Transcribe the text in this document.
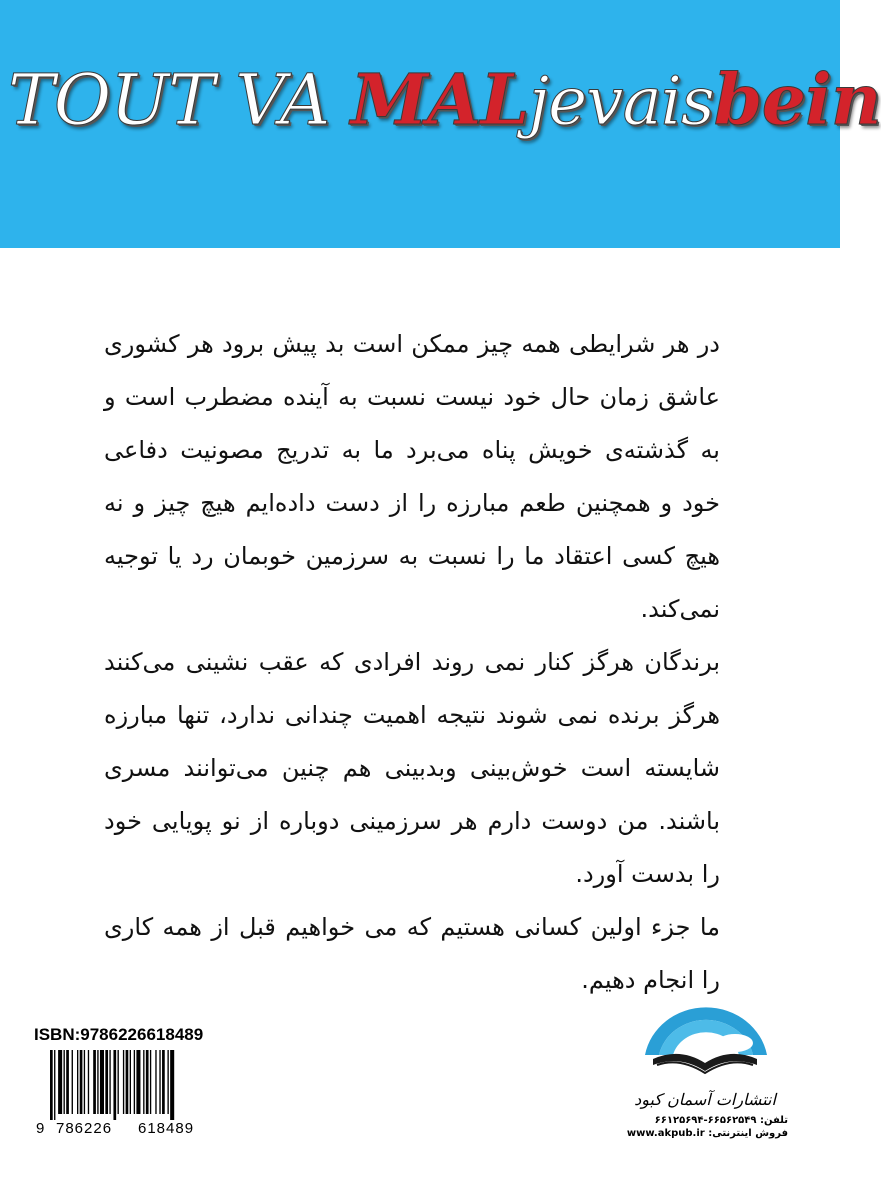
TOUT VA MALjevaisbein

در هر شرایطی همه چیز ممکن است بد پیش برود هر کشوری عاشق زمان حال خود نیست نسبت به آینده مضطرب است و به گذشته‌ی خویش پناه می‌برد ما به تدریج مصونیت دفاعی خود و همچنین طعم مبارزه را از دست داده‌ایم هیچ چیز و نه هیچ کسی اعتقاد ما را نسبت به سرزمین خوبمان رد یا توجیه نمی‌کند.

برندگان هرگز کنار نمی روند افرادی که عقب نشینی می‌کنند هرگز برنده نمی شوند نتیجه اهمیت چندانی ندارد، تنها مبارزه شایسته است خوش‌بینی وبدبینی هم چنین می‌توانند مسری باشند. من دوست دارم هر سرزمینی دوباره از نو پویایی خود را بدست آورد.

ما جزء اولین کسانی هستیم که می خواهیم قبل از همه کاری را انجام دهیم.

ISBN:9786226618489
9 786226 618489
انتشارات آسمان کبود
تلفن: ۶۶۵۶۲۵۴۹-۶۶۱۲۵۶۹۴
فروش اینترنتی: www.akpub.ir
